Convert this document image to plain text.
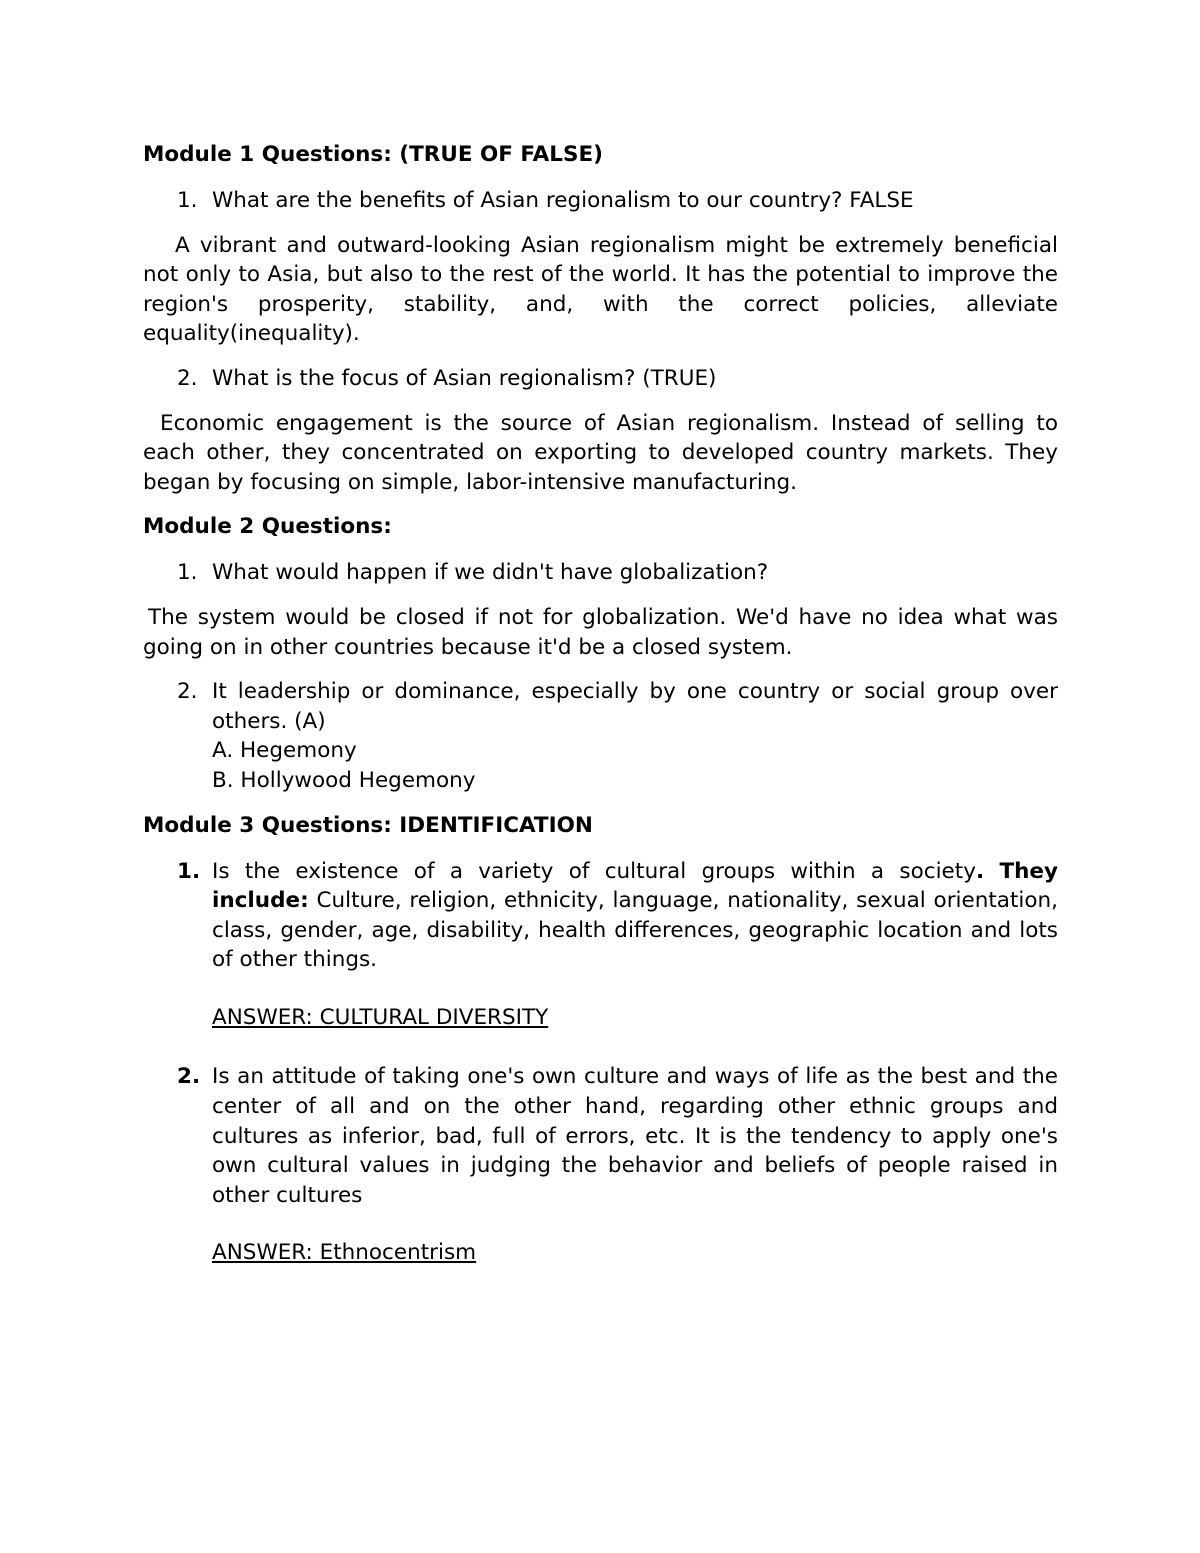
Module 1 Questions: (TRUE OF FALSE)

1. What are the benefits of Asian regionalism to our country? FALSE

A vibrant and outward-looking Asian regionalism might be extremely beneficial not only to Asia, but also to the rest of the world. It has the potential to improve the region's prosperity, stability, and, with the correct policies, alleviate equality(inequality).

2. What is the focus of Asian regionalism? (TRUE)

Economic engagement is the source of Asian regionalism. Instead of selling to each other, they concentrated on exporting to developed country markets. They began by focusing on simple, labor-intensive manufacturing.

Module 2 Questions:

1. What would happen if we didn't have globalization?

The system would be closed if not for globalization. We'd have no idea what was going on in other countries because it'd be a closed system.

2. It leadership or dominance, especially by one country or social group over others. (A)
A. Hegemony
B. Hollywood Hegemony

Module 3 Questions: IDENTIFICATION

1. Is the existence of a variety of cultural groups within a society. They include: Culture, religion, ethnicity, language, nationality, sexual orientation, class, gender, age, disability, health differences, geographic location and lots of other things.

ANSWER: CULTURAL DIVERSITY

2. Is an attitude of taking one's own culture and ways of life as the best and the center of all and on the other hand, regarding other ethnic groups and cultures as inferior, bad, full of errors, etc. It is the tendency to apply one's own cultural values in judging the behavior and beliefs of people raised in other cultures

ANSWER: Ethnocentrism
